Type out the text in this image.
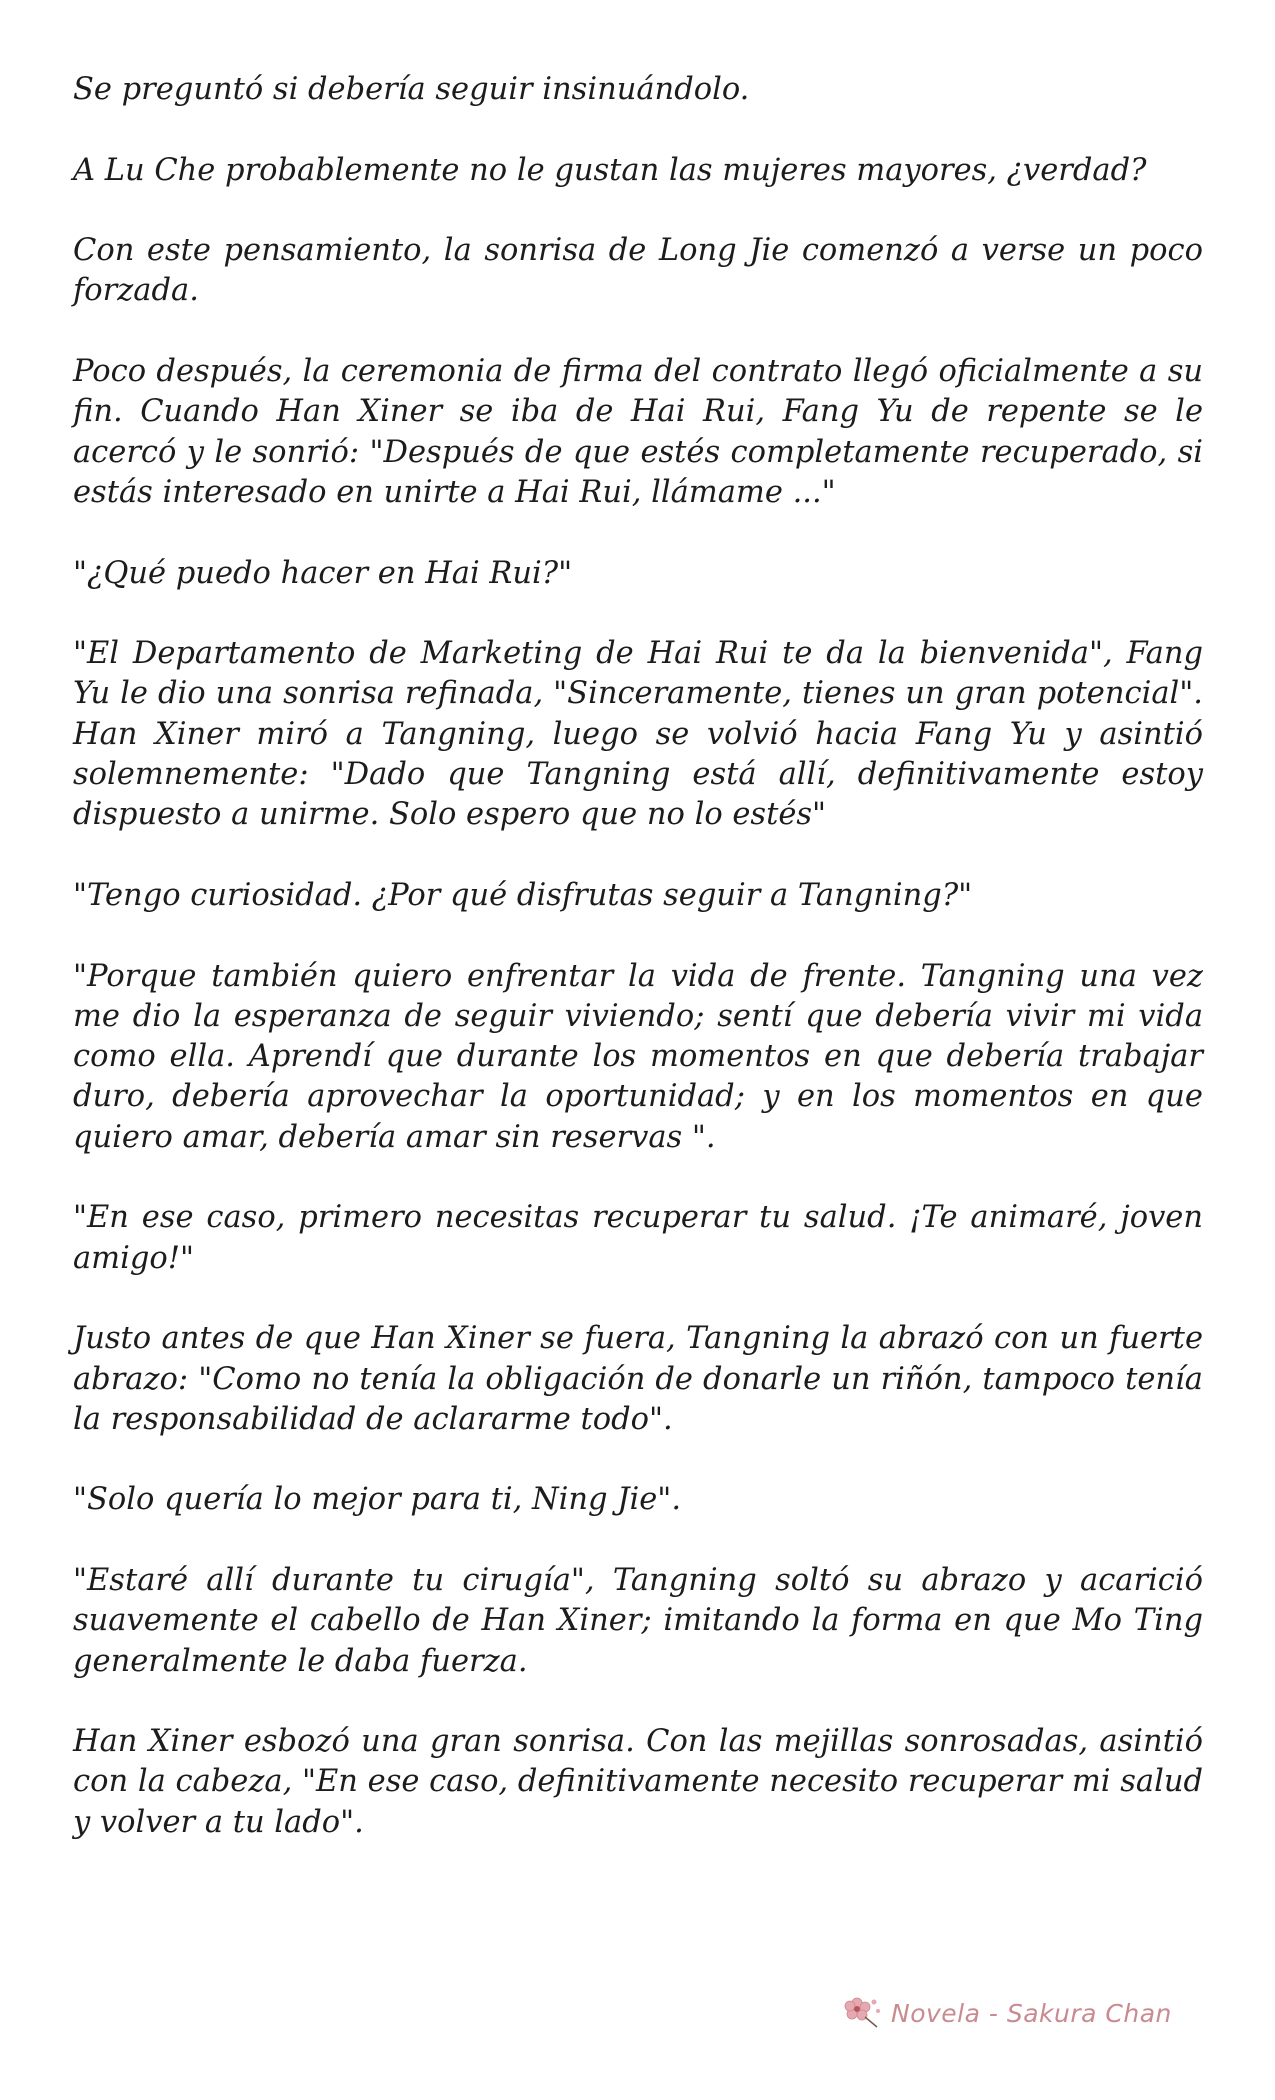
Se preguntó si debería seguir insinuándolo.

A Lu Che probablemente no le gustan las mujeres mayores, ¿verdad?

Con este pensamiento, la sonrisa de Long Jie comenzó a verse un poco forzada.

Poco después, la ceremonia de firma del contrato llegó oficialmente a su fin. Cuando Han Xiner se iba de Hai Rui, Fang Yu de repente se le acercó y le sonrió: "Después de que estés completamente recuperado, si estás interesado en unirte a Hai Rui, llámame ..."

"¿Qué puedo hacer en Hai Rui?"

"El Departamento de Marketing de Hai Rui te da la bienvenida", Fang Yu le dio una sonrisa refinada, "Sinceramente, tienes un gran potencial". Han Xiner miró a Tangning, luego se volvió hacia Fang Yu y asintió solemnemente: "Dado que Tangning está allí, definitivamente estoy dispuesto a unirme. Solo espero que no lo estés"

"Tengo curiosidad. ¿Por qué disfrutas seguir a Tangning?"

"Porque también quiero enfrentar la vida de frente. Tangning una vez me dio la esperanza de seguir viviendo; sentí que debería vivir mi vida como ella. Aprendí que durante los momentos en que debería trabajar duro, debería aprovechar la oportunidad; y en los momentos en que quiero amar, debería amar sin reservas ".

"En ese caso, primero necesitas recuperar tu salud. ¡Te animaré, joven amigo!"

Justo antes de que Han Xiner se fuera, Tangning la abrazó con un fuerte abrazo: "Como no tenía la obligación de donarle un riñón, tampoco tenía la responsabilidad de aclararme todo".

"Solo quería lo mejor para ti, Ning Jie".

"Estaré allí durante tu cirugía", Tangning soltó su abrazo y acarició suavemente el cabello de Han Xiner; imitando la forma en que Mo Ting generalmente le daba fuerza.

Han Xiner esbozó una gran sonrisa. Con las mejillas sonrosadas, asintió con la cabeza, "En ese caso, definitivamente necesito recuperar mi salud y volver a tu lado".

Novela - Sakura Chan
